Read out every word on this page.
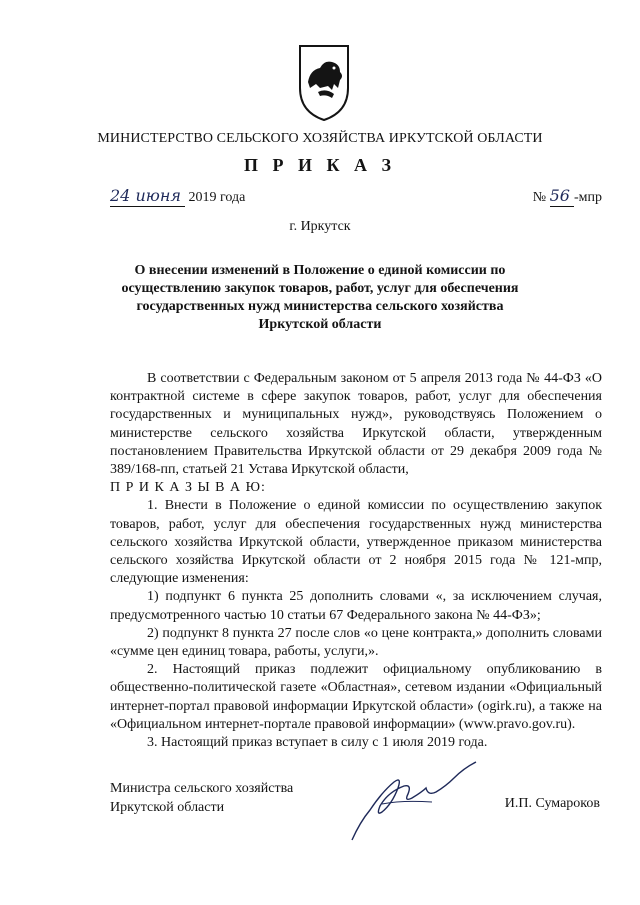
МИНИСТЕРСТВО СЕЛЬСКОГО ХОЗЯЙСТВА ИРКУТСКОЙ ОБЛАСТИ
П Р И К А З
24 июня 2019 года	№ 56 -мпр
г. Иркутск
О внесении изменений в Положение о единой комиссии по осуществлению закупок товаров, работ, услуг для обеспечения государственных нужд министерства сельского хозяйства Иркутской области

В соответствии с Федеральным законом от 5 апреля 2013 года № 44-ФЗ «О контрактной системе в сфере закупок товаров, работ, услуг для обеспечения государственных и муниципальных нужд», руководствуясь Положением о министерстве сельского хозяйства Иркутской области, утвержденным постановлением Правительства Иркутской области от 29 декабря 2009 года № 389/168-пп, статьей 21 Устава Иркутской области,

П Р И К А З Ы В А Ю:

1. Внести в Положение о единой комиссии по осуществлению закупок товаров, работ, услуг для обеспечения государственных нужд министерства сельского хозяйства Иркутской области, утвержденное приказом министерства сельского хозяйства Иркутской области от 2 ноября 2015 года № 121-мпр, следующие изменения:

1) подпункт 6 пункта 25 дополнить словами «, за исключением случая, предусмотренного частью 10 статьи 67 Федерального закона № 44-ФЗ»;

2) подпункт 8 пункта 27 после слов «о цене контракта,» дополнить словами «сумме цен единиц товара, работы, услуги,».

2. Настоящий приказ подлежит официальному опубликованию в общественно-политической газете «Областная», сетевом издании «Официальный интернет-портал правовой информации Иркутской области» (ogirk.ru), а также на «Официальном интернет-портале правовой информации» (www.pravo.gov.ru).

3. Настоящий приказ вступает в силу с 1 июля 2019 года.

Министра сельского хозяйства
Иркутской области	И.П. Сумароков
